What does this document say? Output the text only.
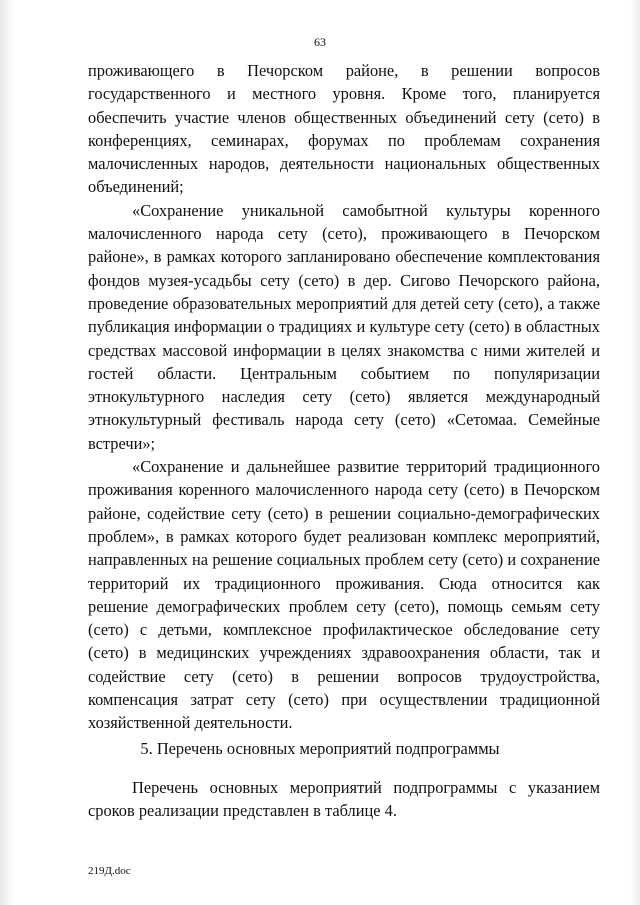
63

проживающего в Печорском районе, в решении вопросов государственного и местного уровня. Кроме того, планируется обеспечить участие членов общественных объединений сету (сето) в конференциях, семинарах, форумах по проблемам сохранения малочисленных народов, деятельности национальных общественных объединений;

«Сохранение уникальной самобытной культуры коренного малочисленного народа сету (сето), проживающего в Печорском районе», в рамках которого запланировано обеспечение комплектования фондов музея-усадьбы сету (сето) в дер. Сигово Печорского района, проведение образовательных мероприятий для детей сету (сето), а также публикация информации о традициях и культуре сету (сето) в областных средствах массовой информации в целях знакомства с ними жителей и гостей области. Центральным событием по популяризации этнокультурного наследия сету (сето) является международный этнокультурный фестиваль народа сету (сето) «Сетомаа. Семейные встречи»;

«Сохранение и дальнейшее развитие территорий традиционного проживания коренного малочисленного народа сету (сето) в Печорском районе, содействие сету (сето) в решении социально-демографических проблем», в рамках которого будет реализован комплекс мероприятий, направленных на решение социальных проблем сету (сето) и сохранение территорий их традиционного проживания. Сюда относится как решение демографических проблем сету (сето), помощь семьям сету (сето) с детьми, комплексное профилактическое обследование сету (сето) в медицинских учреждениях здравоохранения области, так и содействие сету (сето) в решении вопросов трудоустройства, компенсация затрат сету (сето) при осуществлении традиционной хозяйственной деятельности.

5. Перечень основных мероприятий подпрограммы
Перечень основных мероприятий подпрограммы с указанием сроков реализации представлен в таблице 4.
219Д.doc
